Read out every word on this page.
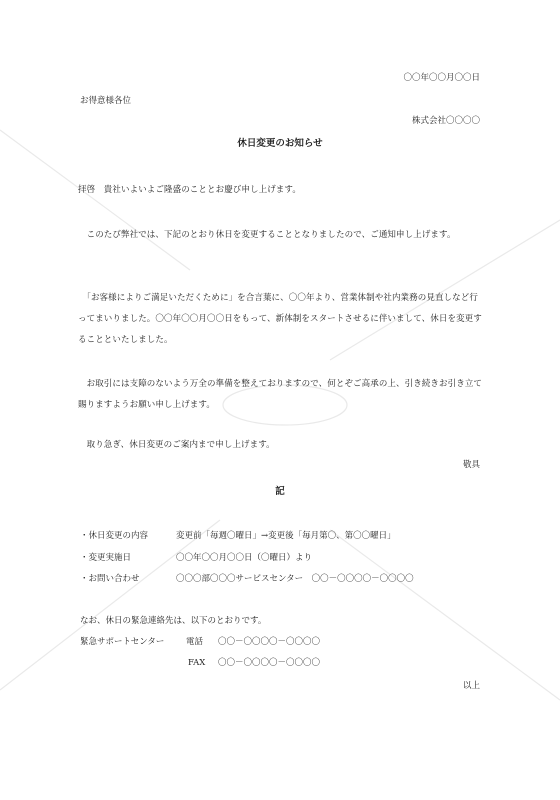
〇〇年〇〇月〇〇日
お得意様各位
株式会社〇〇〇〇
休日変更のお知らせ
拝啓　貴社いよいよご隆盛のこととお慶び申し上げます。
　このたび弊社では、下記のとおり休日を変更することとなりましたので、ご通知申し上げます。
　「お客様によりご満足いただくために」を合言葉に、〇〇年より、営業体制や社内業務の見直しなど行ってまいりました。〇〇年〇〇月〇〇日をもって、新体制をスタートさせるに伴いまして、休日を変更することといたしました。
　お取引には支障のないよう万全の準備を整えておりますので、何とぞご高承の上、引き続きお引き立て賜りますようお願い申し上げます。
　取り急ぎ、休日変更のご案内まで申し上げます。
敬具
記
・休日変更の内容	変更前「毎週〇曜日」→変更後「毎月第〇、第〇〇曜日」
・変更実施日	〇〇年〇〇月〇〇日（〇曜日）より
・お問い合わせ	〇〇〇部〇〇〇サービスセンター　〇〇－〇〇〇〇－〇〇〇〇
なお、休日の緊急連絡先は、以下のとおりです。
緊急サポートセンター	電話 〇〇－〇〇〇〇－〇〇〇〇
FAX 〇〇－〇〇〇〇－〇〇〇〇
以上
